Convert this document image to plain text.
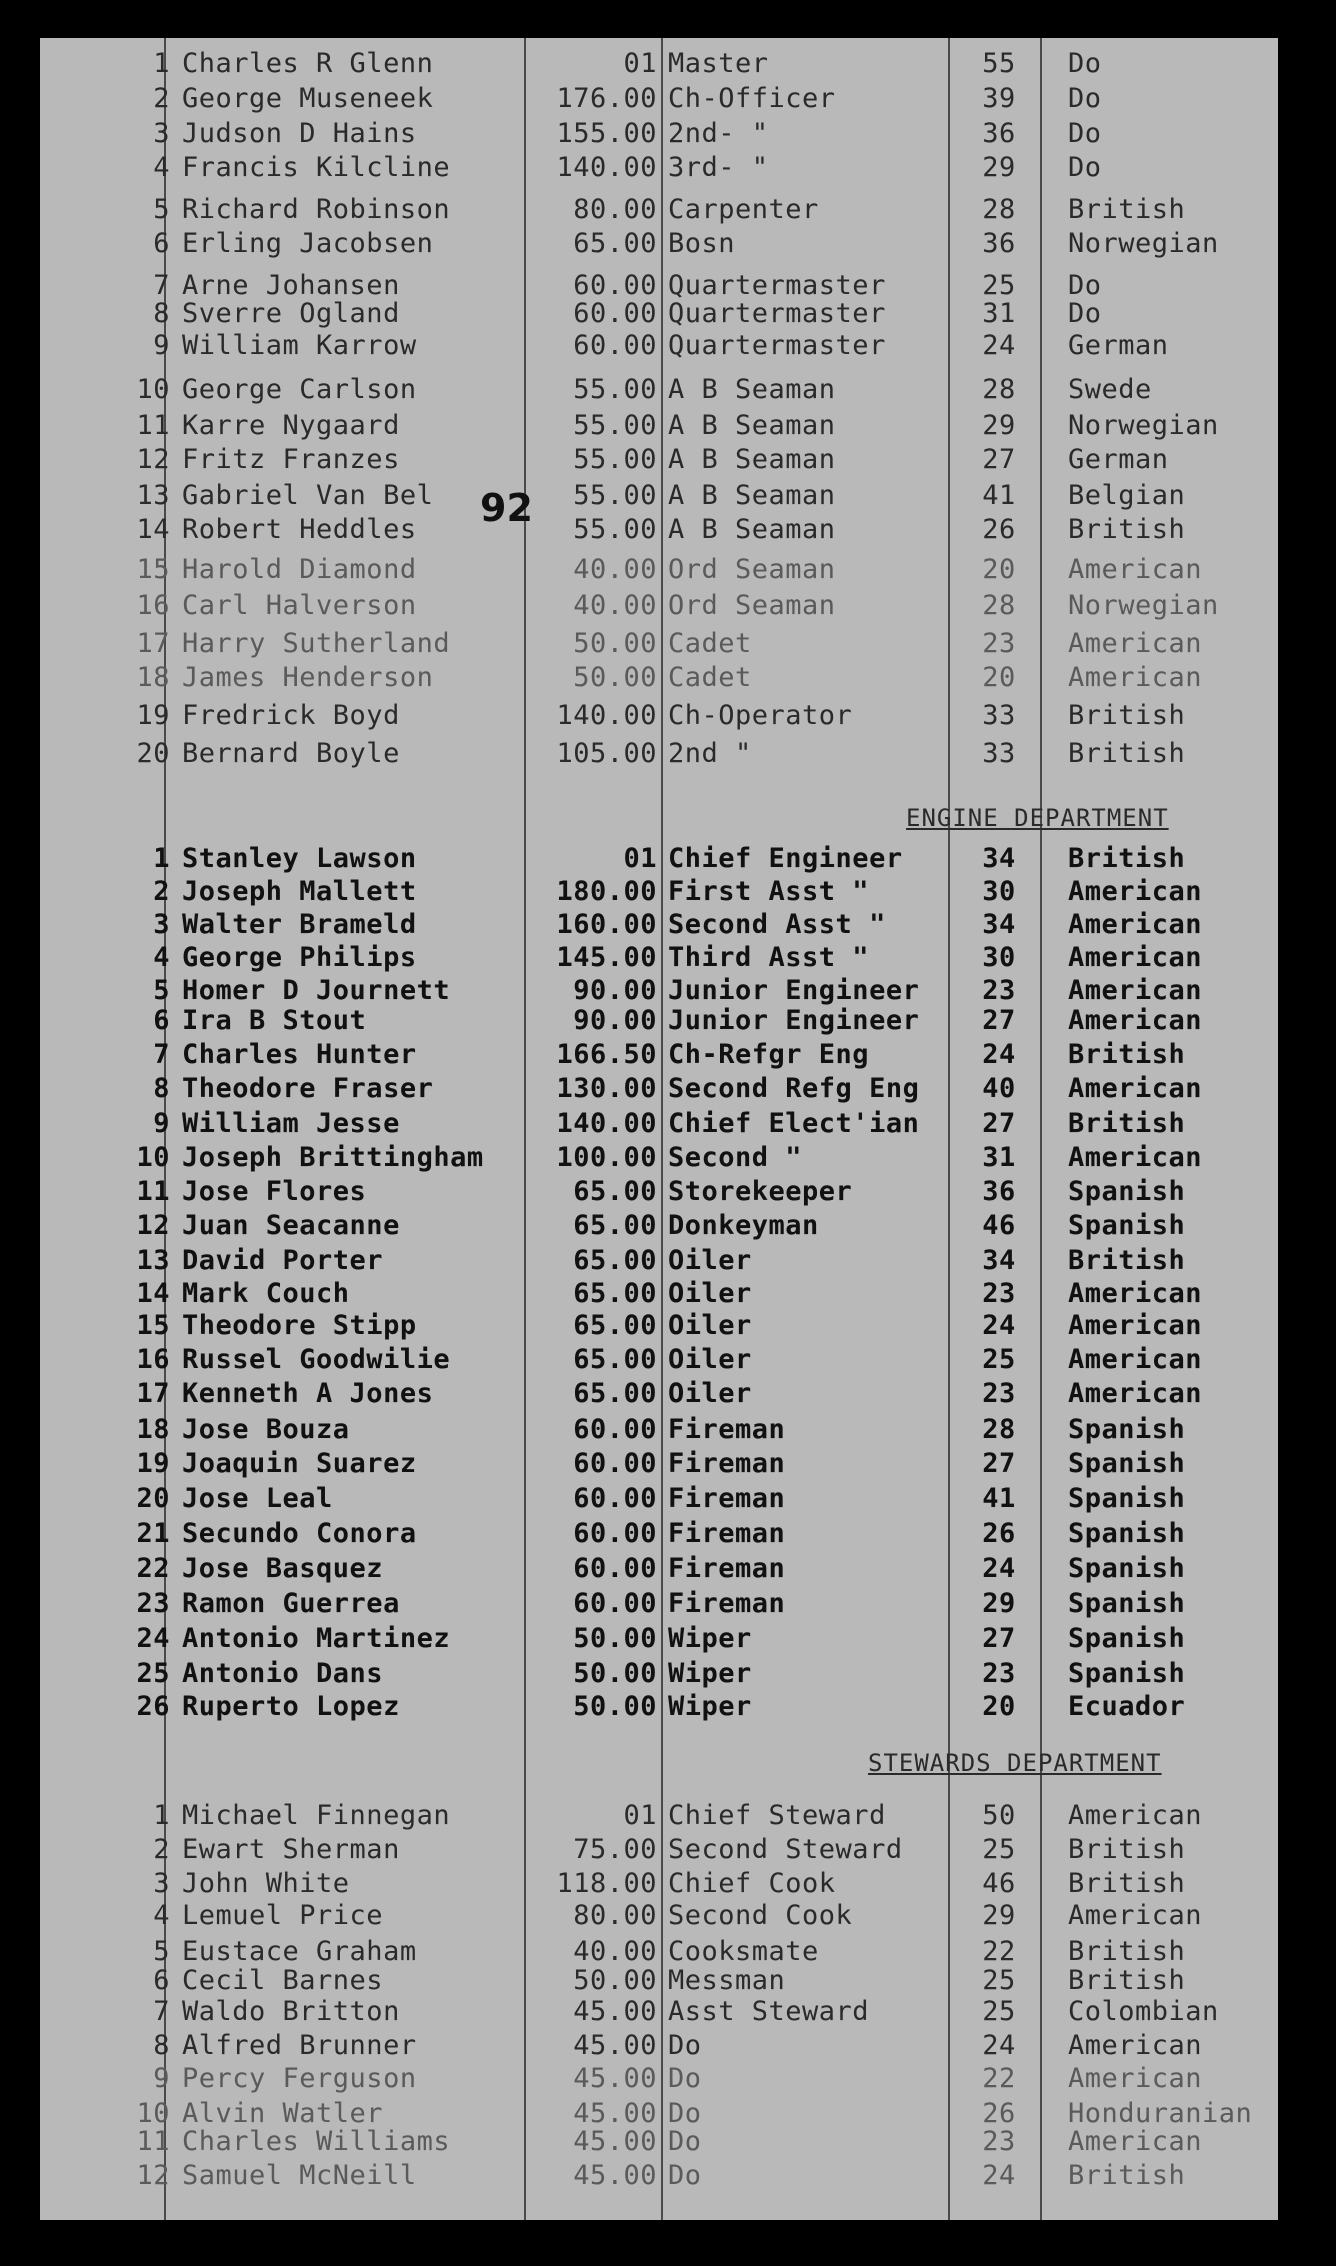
1 Charles R Glenn	01 Master	55	Do
2 George Museneek	176.00 Ch-Officer	39	Do
3 Judson D Hains	155.00 2nd- "	36	Do
4 Francis Kilcline	140.00 3rd- "	29	Do
5 Richard Robinson	80.00 Carpenter	28	British
6 Erling Jacobsen	65.00 Bosn	36	Norwegian
7 Arne Johansen	60.00 Quartermaster	25	Do
8 Sverre Ogland	60.00 Quartermaster	31	Do
9 William Karrow	60.00 Quartermaster	24	German
10 George Carlson	55.00 A B Seaman	28	Swede
11 Karre Nygaard	55.00 A B Seaman	29	Norwegian
12 Fritz Franzes	55.00 A B Seaman	27	German
13 Gabriel Van Bel	55.00 A B Seaman	41	Belgian
14 Robert Heddles	55.00 A B Seaman	26	British
15 Harold Diamond	40.00 Ord Seaman	20	American
16 Carl Halverson	40.00 Ord Seaman	28	Norwegian
17 Harry Sutherland	50.00 Cadet	23	American
18 James Henderson	50.00 Cadet	20	American
19 Fredrick Boyd	140.00 Ch-Operator	33	British
20 Bernard Boyle	105.00 2nd "	33	British
ENGINE DEPARTMENT
1 Stanley Lawson	01 Chief Engineer	34	British
2 Joseph Mallett	180.00 First Asst "	30	American
3 Walter Brameld	160.00 Second Asst "	34	American
4 George Philips	145.00 Third Asst "	30	American
5 Homer D Journett	90.00 Junior Engineer	23	American
6 Ira B Stout	90.00 Junior Engineer	27	American
7 Charles Hunter	166.50 Ch-Refgr Eng	24	British
8 Theodore Fraser	130.00 Second Refg Eng	40	American
9 William Jesse	140.00 Chief Elect'ian	27	British
10 Joseph Brittingham	100.00 Second "	31	American
11 Jose Flores	65.00 Storekeeper	36	Spanish
12 Juan Seacanne	65.00 Donkeyman	46	Spanish
13 David Porter	65.00 Oiler	34	British
14 Mark Couch	65.00 Oiler	23	American
15 Theodore Stipp	65.00 Oiler	24	American
16 Russel Goodwilie	65.00 Oiler	25	American
17 Kenneth A Jones	65.00 Oiler	23	American
18 Jose Bouza	60.00 Fireman	28	Spanish
19 Joaquin Suarez	60.00 Fireman	27	Spanish
20 Jose Leal	60.00 Fireman	41	Spanish
21 Secundo Conora	60.00 Fireman	26	Spanish
22 Jose Basquez	60.00 Fireman	24	Spanish
23 Ramon Guerrea	60.00 Fireman	29	Spanish
24 Antonio Martinez	50.00 Wiper	27	Spanish
25 Antonio Dans	50.00 Wiper	23	Spanish
26 Ruperto Lopez	50.00 Wiper	20	Ecuador
STEWARDS DEPARTMENT
1 Michael Finnegan	01 Chief Steward	50	American
2 Ewart Sherman	75.00 Second Steward	25	British
3 John White	118.00 Chief Cook	46	British
4 Lemuel Price	80.00 Second Cook	29	American
5 Eustace Graham	40.00 Cooksmate	22	British
6 Cecil Barnes	50.00 Messman	25	British
7 Waldo Britton	45.00 Asst Steward	25	Colombian
8 Alfred Brunner	45.00 Do	24	American
9 Percy Ferguson	45.00 Do	22	American
10 Alvin Watler	45.00 Do	26	Honduranian
11 Charles Williams	45.00 Do	23	American
12 Samuel McNeill	45.00 Do	24	British
92
